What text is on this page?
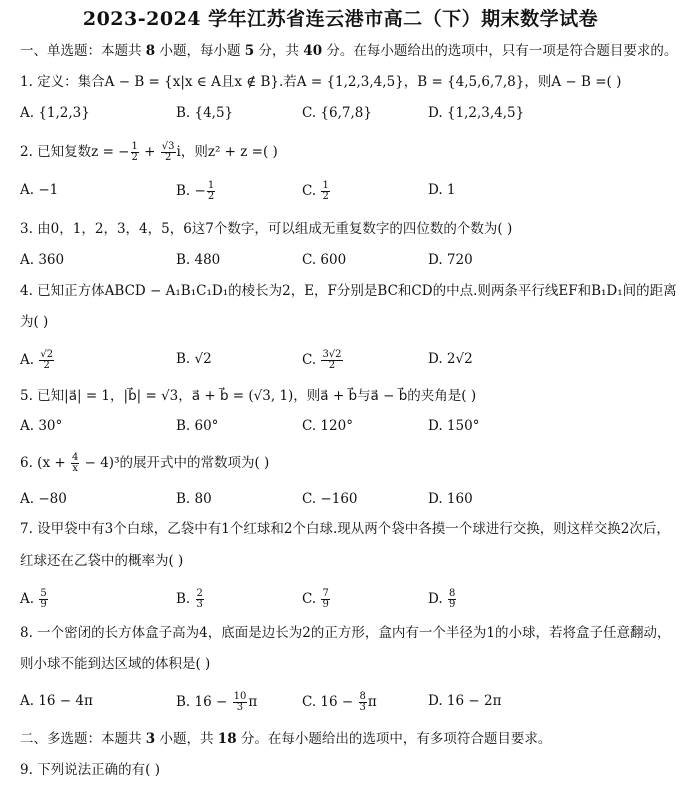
2023-2024 学年江苏省连云港市高二（下）期末数学试卷
一、单选题：本题共 8 小题，每小题 5 分，共 40 分。在每小题给出的选项中，只有一项是符合题目要求的。
1. 定义：集合A − B = {x|x ∈ A且x ∉ B}.若A = {1,2,3,4,5}，B = {4,5,6,7,8}，则A − B =( )
A. {1,2,3}	B. {4,5}	C. {6,7,8}	D. {1,2,3,4,5}
2. 已知复数z = − $\frac{1}{2} + \frac{√3}{2}$ i，则z² + z =( )
A. −1	B. − $\frac{1}{2}$	C. $\frac{1}{2}$	D. 1
3. 由0，1，2，3，4，5，6这7个数字，可以组成无重复数字的四位数的个数为( )
A. 360	B. 480	C. 600	D. 720
4. 已知正方体ABCD − A₁B₁C₁D₁的棱长为2，E，F分别是BC和CD的中点.则两条平行线EF和B₁D₁间的距离
为( )
A. $\frac{√2}{2}$	B. √2	C. $\frac{3√2}{2}$	D. 2√2
5. 已知|a⃗| = 1，|b⃗| = √3，a⃗ + b⃗ = (√3, 1)，则a⃗ + b⃗与a⃗ − b⃗的夹角是( )
A. 30°	B. 60°	C. 120°	D. 150°
6. $(x + \frac{4}{x} - 4)^3$的展开式中的常数项为( )
A. −80	B. 80	C. −160	D. 160
7. 设甲袋中有3个白球，乙袋中有1个红球和2个白球.现从两个袋中各摸一个球进行交换，则这样交换2次后，
红球还在乙袋中的概率为( )
A. $\frac{5}{9}$	B. $\frac{2}{3}$	C. $\frac{7}{9}$	D. $\frac{8}{9}$
8. 一个密闭的长方体盒子高为4，底面是边长为2的正方形，盒内有一个半径为1的小球，若将盒子任意翻动，
则小球不能到达区域的体积是( )
A. 16 − 4π	B. $16 - \frac{10}{3}$ π	C. $16 - \frac{8}{3}$ π	D. 16 − 2π
二、多选题：本题共 3 小题，共 18 分。在每小题给出的选项中，有多项符合题目要求。
9. 下列说法正确的有( )
